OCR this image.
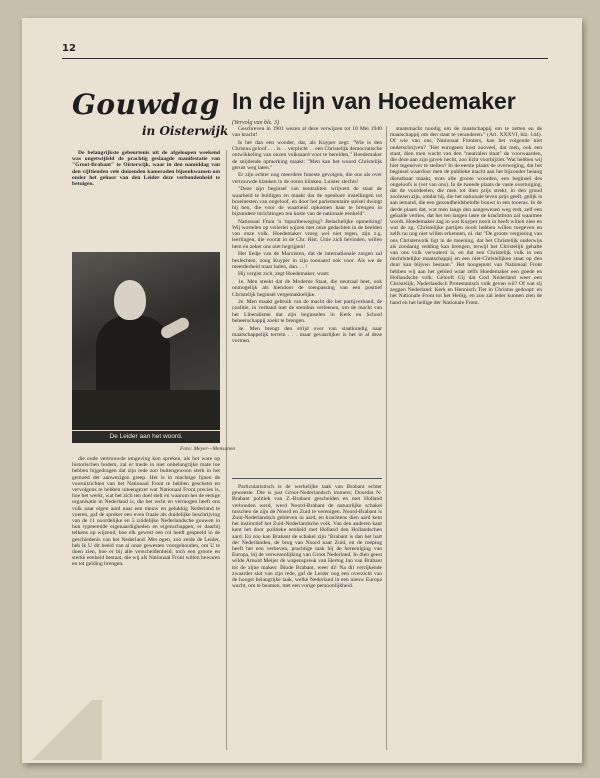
12
Gouwdag
in Oisterwijk
In de lijn van Hoedemaker
(Vervolg van blz. 3)

De belangrijkste gebeurtenis uit de afgeloopen weekend was ongetwijfeld de prachtig geslaagde manifestatie van "Groot-Brabant" te Oisterwijk, waar in den namiddag van den vijftienden vele duizenden kameraden bijeenkwamen om onder het gehoor van den Leider deze verbondenheid te betuigen.

De Leider aan het woord.
Foto: Meyer—Mensanen

die oude vertrouwde omgeving kon spreken, als het ware op historischen bodem, zal er mede in niet onbelangrijke mate toe hebben bijgedragen dat zijn rede zoo buitengewoon sterk in het gemoed der aanwezigen greep. Het is in machtige lijnen de vooruitzichten van het Nationaal Front te hebben geschetst en vervolgens te hebben uiteengezet wat Nationaal Front precies is, hoe het werkt, wat het zich ten doel stelt en waarom het de eenige organisatie in Nederland is, die het recht en vermogen heeft ons volk naar eigen aard naar een nieuw en gelukkig Nederland te voeren, gaf de spreker een even fraaie als duidelijke beschrijving van de 11 noordelijke en 5 zuidelijke Nederlandsche gouwen in hun typeerende eigenaardigheden en eigenschappen, er daarbij telkens op wijzend, hoe elk gewest een rol heeft gespeeld in de geschiedenis van het Nederland. Met ogen, zoo zeide de Leider, heb ik U dit beeld van al onze gewesten voorgehouden, om U te doen zien, hoe er bij alle verscheidenheid, toch een groote en sterke eenheid bestaat, die wij als Nationaal Front willen bewaren en tot gelding brengen.

Geschreven in 1901 wezen al deze verwijzen tot 10 Mei 1940 van kracht!

Is het dan een wonder, dat, als Kuyper zegt: "Wie is den Christus geloof . . . is . . verplicht . . een Christelijk democratische ontwikkeling van onzen volksaard voor te bereiden," Hoedemaker de snijdende opmerking maakt: "Men kan het woord Christelijk gerust weg laten."

Er zijn echter nog meerdere funeste gevolgen, die ons als over vertrouwde klanken in de ooren klinken. Luister slechts!

"Deze zijn beginsel van neutraliteit wrijvent de staat de waarheid te huldigen en maakt dat de openbare instellingen tot broeinesten van ongeloof, en door het parlementaire stelsel dwingt hij hen, die voor de waarheid opkomen haar te brengen in bijzondere inrichtingen ten koste van de nationale eenheid".

Nationaal Front 'n 'mpurtbeweging? Belachelijke opmerking! Wij wortelen op veilerlei wijzen met onze gedachten in de beelden van onze volk. Hoedemaker vroeg wel niet tegen, zijn z.g. leerlingen, die voorat in de Chr. Hist. Unie zich bevinden, willen hem en zeker ons niet begrijpen!

Het liedje van de Marxisten, dat de internationale zorgen zal beslechten, zong Kuyper in zijn toonaard ook voor. Als we de meerderheid maar halen, dan. . . !

Hij vergist zich, zegt Hoedemaker, want:

1e. Men steekt dat de Moderne Staat, die neutraal heet, ook onmogelijk als hiendoor de toenpassing van een positief Christelijk beginsel vergemakkelijke.

2e. Men maakt gebruik van de macht die het partijverband, de coalitie, in verband met de stembus verleenen, om de macht van het Liberalisme dat zijn beginselen in Kerk en School beheerschappij zoekt te brengen.

3e. Men brengt den strijd over van staatkundig naar maatschappelijk terrein . . . maar gevaarlijker is het in al deze vormen.

Particularistisch is de werkelijke taak van Brabant echter geweeste. Die is just Groot-Nederlandsch immers; Doordat N-Brabant politiek van Z.-Brabant gescheiden en met Holland verbonden werd, werd Noord-Brabant de natuurlijke schakel tusschen de zijn de Noord en Zuid te verenigen. Noord-Brabant is Zuid-Nederlandsch gebleven in aard, en krachtens dien aard kent het instinctief het Zuid-Nederlandsche volk. Van den anderen kant kent het door politieke eenheid met Holland den Hollandschen aard. En zoo kan Brabant de schakel zijn "Brabant is dan het hart der Nederlanden, de brug van Noord naar Zuid, en de roeping heeft het een verheven, prachtige taak bij de hereeniging van Europa, bij de verwezenlijking van Groot Nederland. In dien geest wilde Arnold Meijer de wapenspreuk van Hertog Jan van Brabant tot de zijne maken: Blode Brabant, weer di! Na dit verrijkende zwaarder slot van zijn rede, gaf de Leider nog een overzicht van de hoogst belangrijke taak, welke Nederland in een nieuw Europa wacht, om te beamen, met een vurige persoonlijkheid.

staatsmacht noodig om de maatschappij om te zetten en de maatschappij om den staat te veranderen." (Art. XXXVI, blz. 144). Of wie van ons, Nationaal Fronters, kan het volgende niet onderschrijven? "Het eurogeest kost zooveel, dat men, ook een staat, dien men wacht van den "neutralen staat" de voorwaarden, die deze aan zijn gaven hecht, zoo licht voorbijziet. Wat hebben wij hier tegenover te stellen? In de eerste plaats de overweging, dat het beginsel waardoor men de publieke macht aan het bijzonder belang dienstbaar maakt, trots alle groote woorden, een beginsel des ongeloofs is (vet van ons). In de tweede plaats de vaste overtuiging, dat de voordeelen, die men tot dien prijs strekt, in den grond zoolezen zijn, omdat hij, die het nationale leven prijs geeft, gelijk is aan iemand, die een gezondheidsbelofte bouwt in een moeras. In de derde plaats dat, wat men langs den aangewezen weg redt, zelf een gebalde verlies, dat het ten langen laste de krachtbron zal waarmee wordt. Hoedemaker zag in wat Kuyper nooit in heeft willen zien en wat de zg. Christelijke partijen nooit hebben willen toegeven en zelfs nu nog niet willen erkennen, nl. dat "De groote vergissing van ons Christenvolk ligt in de meening, dat het Christelijk onderwijs als zoodanig redding kan brengen, terwijl het Christelijk gehalte van ons volk verwaterd is, en dat een Christelijk volk in een onchristelijke maatschappij en een niet-Christelijken staat op den duur kan blijven bestaan." Het hoogepunt van Nationaal Front hebben wij aan het gebied waar zelfs Hoedemaker een goede en Hollandsche volk. Gelooft Gij dat God Nederland weer een Christelijk, Nederlandsch Protestantsch volk geven wil? Of wat zij zeggen Nederland: Kerk en Hennisch Tiet in Christus gedoopt: en het Nationale Front tot het Heilig, en zoo zal ieder kunnen zien de hand en het heilige der Nationale Front.
